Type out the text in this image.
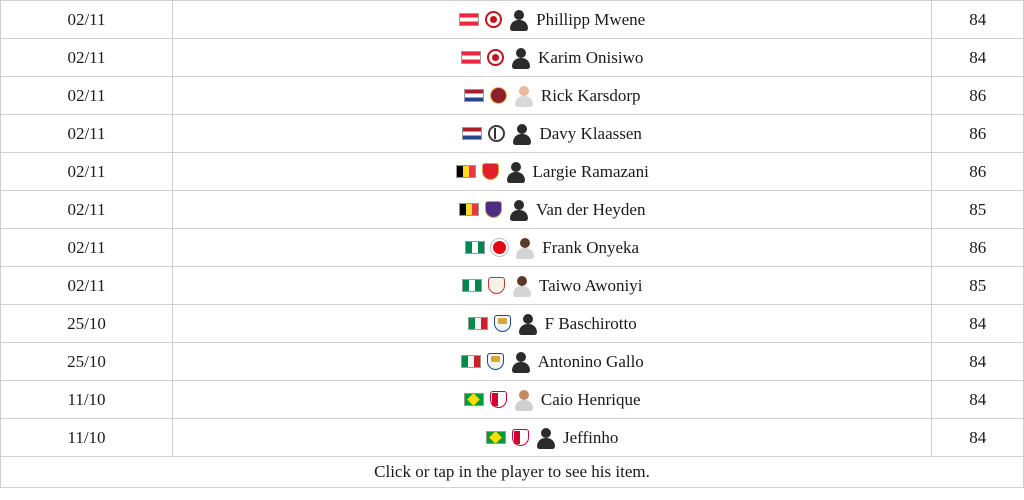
02/11	Phillipp Mwene	84
02/11	Karim Onisiwo	84
02/11	Rick Karsdorp	86
02/11	Davy Klaassen	86
02/11	Largie Ramazani	86
02/11	Van der Heyden	85
02/11	Frank Onyeka	86
02/11	Taiwo Awoniyi	85
25/10	F Baschirotto	84
25/10	Antonino Gallo	84
11/10	Caio Henrique	84
11/10	Jeffinho	84
Click or tap in the player to see his item.		
